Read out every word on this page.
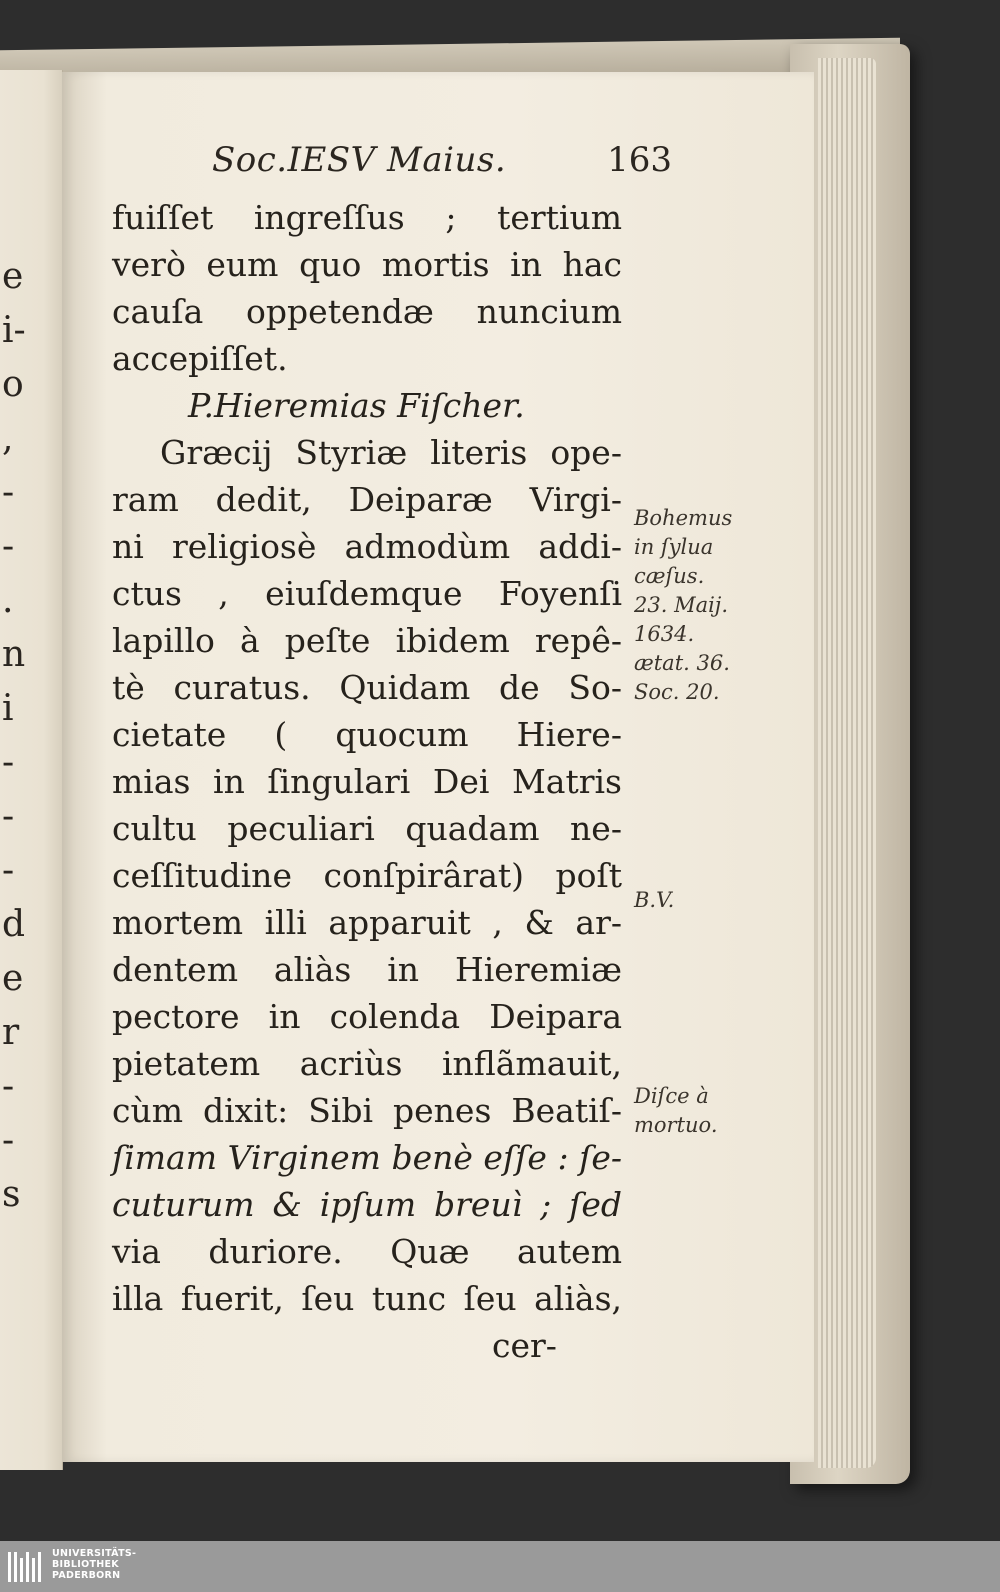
e
i-
o
,
-
-
.
n
i
-
-
-
d
e
r
-
-
s
Soc.IESV Maius.	163
fuiſſet ingreſſus ; tertium
verò eum quo mortis in hac
cauſa oppetendæ nuncium
accepiſſet.
P.Hieremias Fiſcher.
Græcij Styriæ literis ope-
ram dedit, Deiparæ Virgi-
ni religiosè admodùm addi-
ctus , eiuſdemque Foyenſi
lapillo à peſte ibidem repê-
tè curatus. Quidam de So-
cietate ( quocum Hiere-
mias in ſingulari Dei Matris
cultu peculiari quadam ne-
ceſſitudine conſpirârat) poſt
mortem illi apparuit , & ar-
dentem aliàs in Hieremiæ
pectore in colenda Deipara
pietatem acriùs inflãmauit,
cùm dixit: Sibi penes Beatiſ-
ſimam Virginem benè eſſe : ſe-
cuturum & ipſum breuì ; ſed
via duriore. Quæ autem
illa fuerit, ſeu tunc ſeu aliàs,
cer-
Bohemus
in ſylua
cæſus.
23. Maij.
1634.
ætat. 36.
Soc. 20.
B.V.
Diſce à
mortuo.
UNIVERSITÄTS-
BIBLIOTHEK
PADERBORN
